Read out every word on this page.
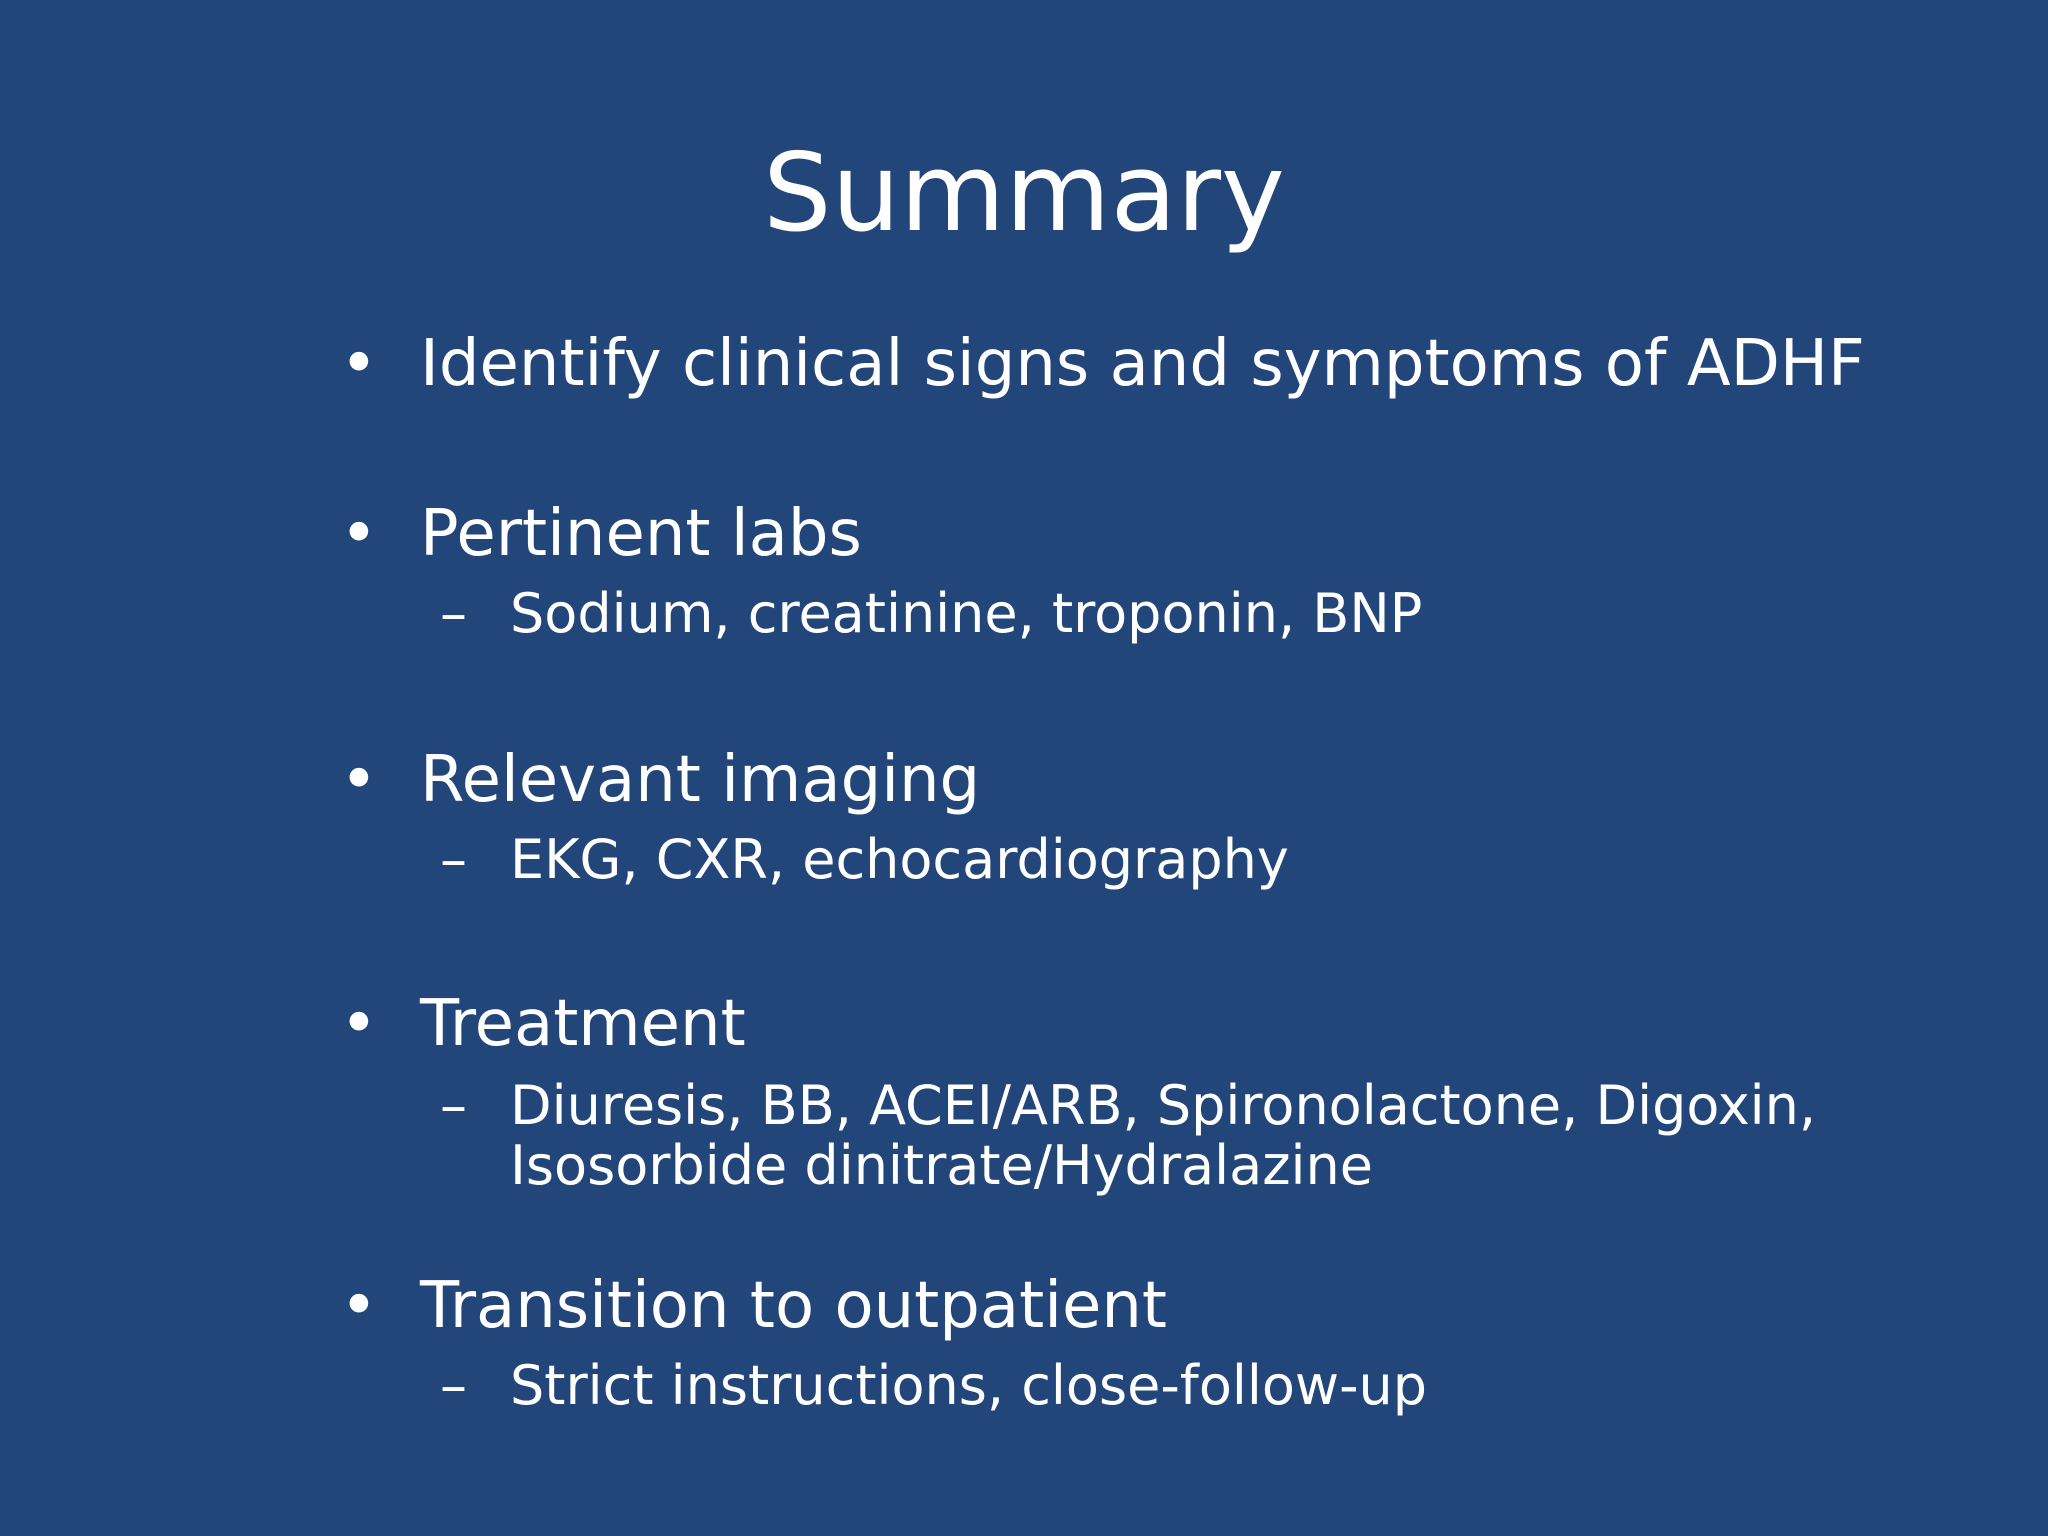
Summary
• Identify clinical signs and symptoms of ADHF
• Pertinent labs
– Sodium, creatinine, troponin, BNP
• Relevant imaging
– EKG, CXR, echocardiography
• Treatment
– Diuresis, BB, ACEI/ARB, Spironolactone, Digoxin,
Isosorbide dinitrate/Hydralazine
• Transition to outpatient
– Strict instructions, close-follow-up
